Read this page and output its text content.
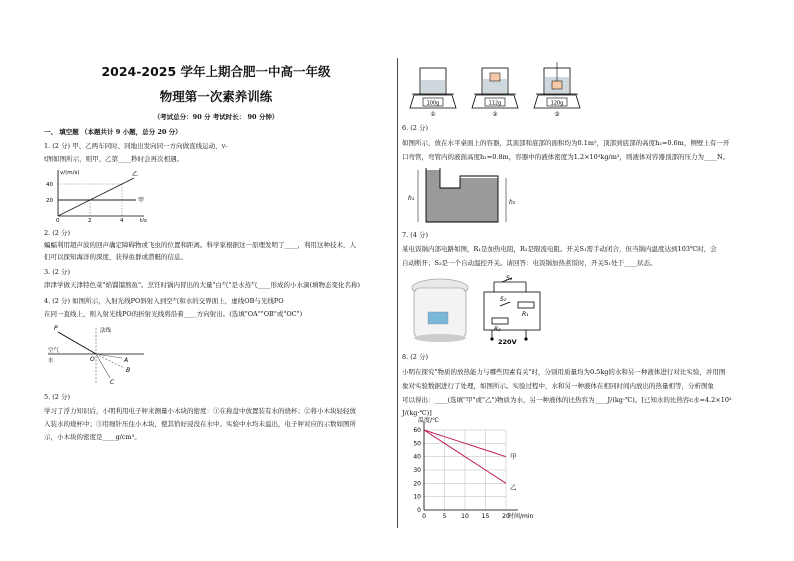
2024-2025 学年上期合肥一中高一年级
物理第一次素养训练
（考试总分：90 分 考试时长： 90 分钟）
一、 填空题 （本题共计 9 小题，总分 20 分）
1. (2 分) 甲、乙两车同时、同地出发向同一方向做直线运动，v-
t图如图所示，则甲、乙第____秒时会再次相遇。
v/(m/s)
t/s
40
20
0	2	4
乙
甲
2. (2 分)
蝙蝠利用超声波的回声确定障碍物或飞虫的位置和距离。科学家根据这一原理发明了____，利用这种技术，人
们可以探知海洋的深度，获得鱼群或潜艇的信息。
3. (2 分)
津津学做天津特色菜"焰馏馏熬鱼"。烹饪时锅内冒出的大量"白气"是水蒸气____形成的小水滴(填物态变化名称)
4. (2 分) 如图所示，入射光线PO斜射入到空气和水的交界面上，虚线OB与光线PO
在同一直线上，则入射光线PO的折射光线将沿着____方向射出。(选填"OA""OB"或"OC")
法线
空气
水
P
O	A
B
C
5. (2 分)
学习了浮力知识后，小明利用电子秤来测量小木块的密度：①在称盘中放置装有水的烧杯；②将小木块轻轻放
入装水的烧杯中；③用细针压住小木块，使其恰好浸没在水中。实验中水均未溢出，电子秤对应的示数如图所
示，小木块的密度是____g/cm³。
100g
①
112g
②
120g
③
6. (2 分)
如图所示，放在水平桌面上的容器，其顶部和底部的面积均为0.1m²，顶部到底部的高度h₂=0.6m，侧壁上有一开
口弯管，弯管内的液面高度h₁=0.8m，容器中的液体密度为1.2×10³kg/m³，则液体对容器顶部的压力为____N。
h₁
h₂
7. (4 分)
某电饭锅内部电路如图，R₁是加热电阻，R₂是限流电阻。开关S₁需手动闭合，但当锅内温度达到103℃时，会
自动断开；S₂是一个自动温控开关。请回答：电饭锅加热煮饭时，开关S₁处于____状态。
S₁
S₂
R₁
R₂
220V
8. (2 分)
小明在探究"物质的放热能力与哪些因素有关"时，分别用质量均为0.5kg的水和另一种液体进行对比实验，并用图
象对实验数据进行了处理，如图所示。实验过程中，水和另一种液体在相同时间内放出的热量相等，分析图象
可以得出：____(选填"甲"或"乙")物质为水，另一种液体的比热容为____J/(kg·℃)。[已知水的比热容c水=4.2×10³
J/(kg·℃)]
0
10
20
30
40
50
60
0	5 10 15 20
温度/℃
时间/min
甲
乙
